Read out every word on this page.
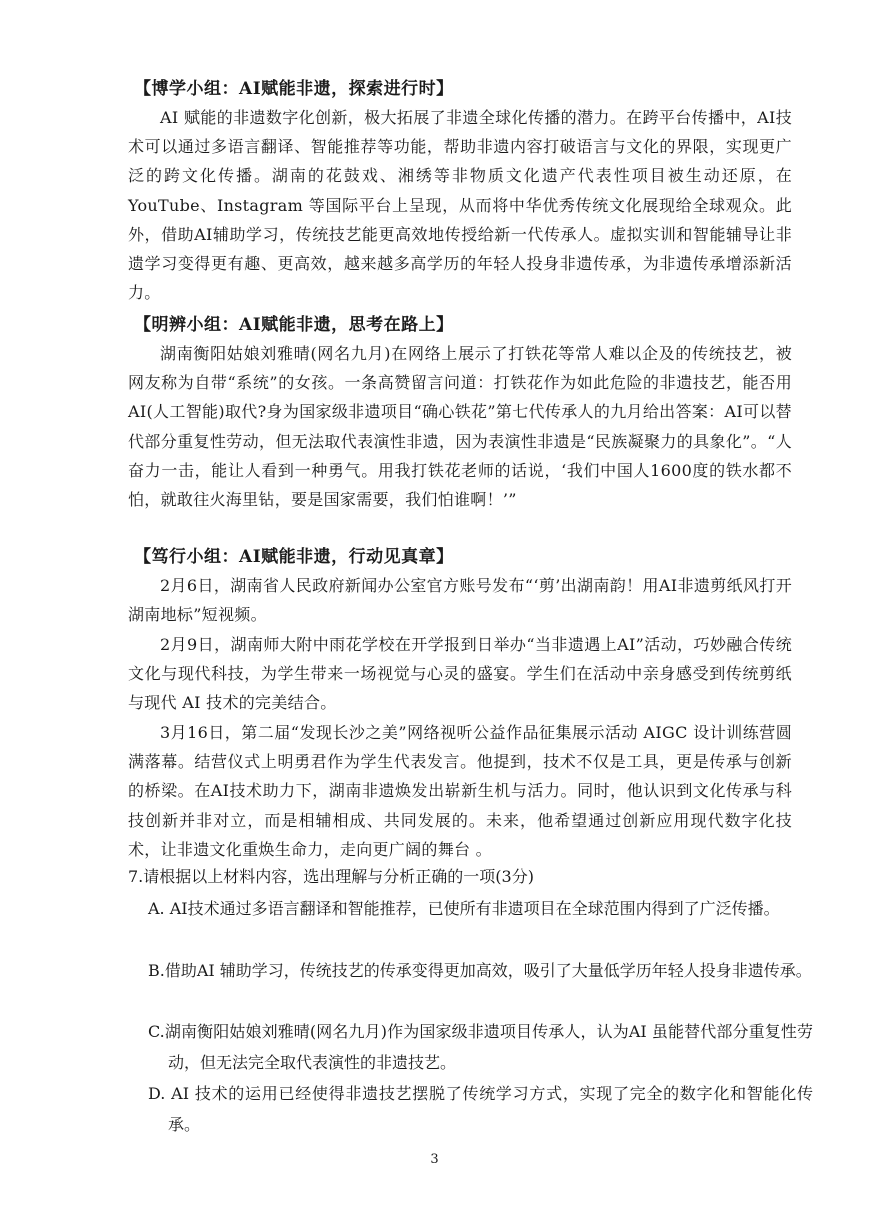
【博学小组：AI赋能非遗，探索进行时】
AI 赋能的非遗数字化创新，极大拓展了非遗全球化传播的潜力。在跨平台传播中，AI技术可以通过多语言翻译、智能推荐等功能，帮助非遗内容打破语言与文化的界限，实现更广泛的跨文化传播。湖南的花鼓戏、湘绣等非物质文化遗产代表性项目被生动还原，在 YouTube、Instagram 等国际平台上呈现，从而将中华优秀传统文化展现给全球观众。此外，借助AI辅助学习，传统技艺能更高效地传授给新一代传承人。虚拟实训和智能辅导让非遗学习变得更有趣、更高效，越来越多高学历的年轻人投身非遗传承，为非遗传承增添新活力。
【明辨小组：AI赋能非遗，思考在路上】
湖南衡阳姑娘刘雅晴(网名九月)在网络上展示了打铁花等常人难以企及的传统技艺，被网友称为自带“系统”的女孩。一条高赞留言问道：打铁花作为如此危险的非遗技艺，能否用AI(人工智能)取代?身为国家级非遗项目“确心铁花”第七代传承人的九月给出答案：AI可以替代部分重复性劳动，但无法取代表演性非遗，因为表演性非遗是“民族凝聚力的具象化”。“人奋力一击，能让人看到一种勇气。用我打铁花老师的话说，‘我们中国人1600度的铁水都不怕，就敢往火海里钻，要是国家需要，我们怕谁啊！’”
【笃行小组：AI赋能非遗，行动见真章】
2月6日，湖南省人民政府新闻办公室官方账号发布“‘剪’出湖南韵！用AI非遗剪纸风打开湖南地标”短视频。
2月9日，湖南师大附中雨花学校在开学报到日举办“当非遗遇上AI”活动，巧妙融合传统文化与现代科技，为学生带来一场视觉与心灵的盛宴。学生们在活动中亲身感受到传统剪纸与现代 AI 技术的完美结合。
3月16日，第二届“发现长沙之美”网络视听公益作品征集展示活动 AIGC 设计训练营圆满落幕。结营仪式上明勇君作为学生代表发言。他提到，技术不仅是工具，更是传承与创新的桥梁。在AI技术助力下，湖南非遗焕发出崭新生机与活力。同时，他认识到文化传承与科技创新并非对立，而是相辅相成、共同发展的。未来，他希望通过创新应用现代数字化技术，让非遗文化重焕生命力，走向更广阔的舞台 。
7.请根据以上材料内容，选出理解与分析正确的一项(3分)
A. AI技术通过多语言翻译和智能推荐，已使所有非遗项目在全球范围内得到了广泛传播。
B.借助AI 辅助学习，传统技艺的传承变得更加高效，吸引了大量低学历年轻人投身非遗传承。
C.湖南衡阳姑娘刘雅晴(网名九月)作为国家级非遗项目传承人，认为AI 虽能替代部分重复性劳动，但无法完全取代表演性的非遗技艺。
D. AI 技术的运用已经使得非遗技艺摆脱了传统学习方式，实现了完全的数字化和智能化传承。
3
